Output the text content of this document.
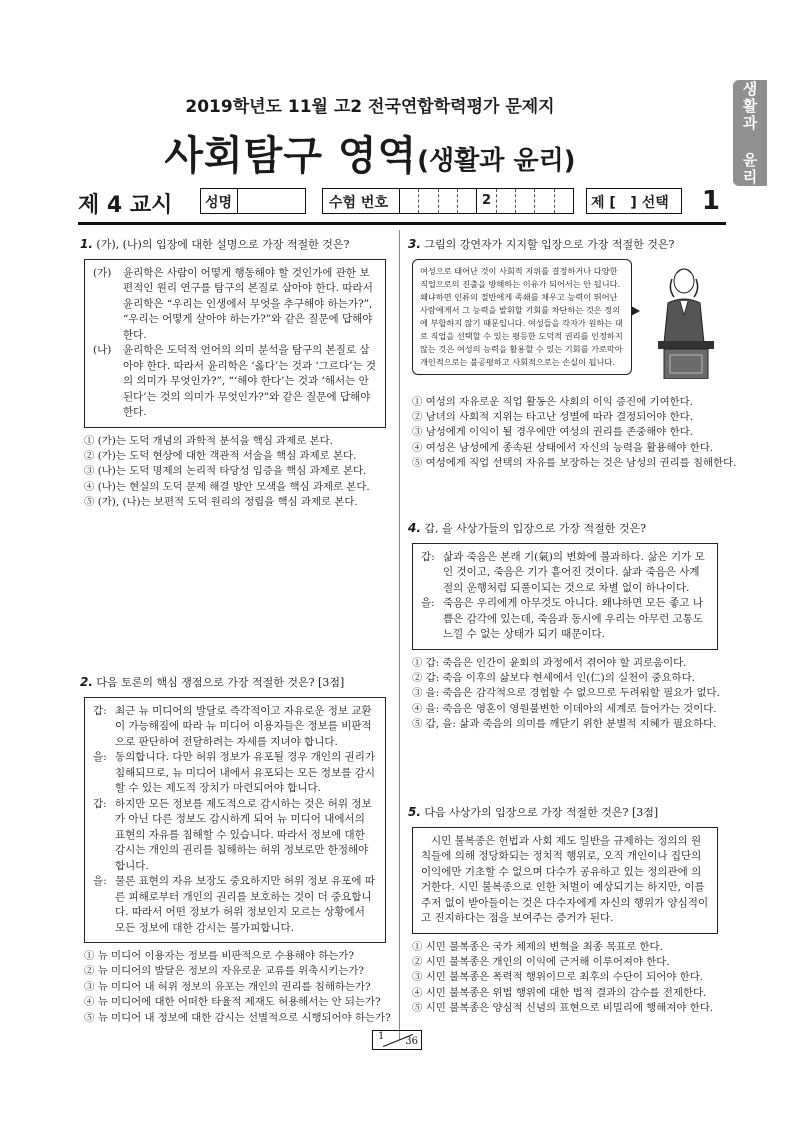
2019학년도 11월 고2 전국연합학력평가 문제지
사회탐구 영역(생활과 윤리)	생활과 윤리
제 4 교시 성명	수험 번호	2	제 [   ] 선택 1
1. (가), (나)의 입장에 대한 설명으로 가장 적절한 것은?

(가) 윤리학은 사람이 어떻게 행동해야 할 것인가에 관한 보편적인 원리 연구를 탐구의 본질로 삼아야 한다. 따라서 윤리학은 “우리는 인생에서 무엇을 추구해야 하는가?”, “우리는 어떻게 살아야 하는가?”와 같은 질문에 답해야 한다.

(나) 윤리학은 도덕적 언어의 의미 분석을 탐구의 본질로 삼아야 한다. 따라서 윤리학은 ‘옳다’는 것과 ‘그르다’는 것의 의미가 무엇인가?”, “‘해야 한다’는 것과 ‘해서는 안 된다’는 것의 의미가 무엇인가?”와 같은 질문에 답해야 한다.

① (가)는 도덕 개념의 과학적 분석을 핵심 과제로 본다.

② (가)는 도덕 현상에 대한 객관적 서술을 핵심 과제로 본다.

③ (나)는 도덕 명제의 논리적 타당성 입증을 핵심 과제로 본다.

④ (나)는 현실의 도덕 문제 해결 방안 모색을 핵심 과제로 본다.

⑤ (가), (나)는 보편적 도덕 원리의 정립을 핵심 과제로 본다.

2. 다음 토론의 핵심 쟁점으로 가장 적절한 것은? [3점]

갑: 최근 뉴 미디어의 발달로 즉각적이고 자유로운 정보 교환이 가능해짐에 따라 뉴 미디어 이용자들은 정보를 비판적으로 판단하여 전달하려는 자세를 지녀야 합니다.

을: 동의합니다. 다만 허위 정보가 유포될 경우 개인의 권리가 침해되므로, 뉴 미디어 내에서 유포되는 모든 정보를 감시할 수 있는 제도적 장치가 마련되어야 합니다.

갑: 하지만 모든 정보를 제도적으로 감시하는 것은 허위 정보가 아닌 다른 정보도 감시하게 되어 뉴 미디어 내에서의 표현의 자유를 침해할 수 있습니다. 따라서 정보에 대한 감시는 개인의 권리를 침해하는 허위 정보로만 한정해야 합니다.

을: 물론 표현의 자유 보장도 중요하지만 허위 정보 유포에 따른 피해로부터 개인의 권리를 보호하는 것이 더 중요합니다. 따라서 어떤 정보가 허위 정보인지 모르는 상황에서 모든 정보에 대한 감시는 불가피합니다.

① 뉴 미디어 이용자는 정보를 비판적으로 수용해야 하는가?

② 뉴 미디어의 발달은 정보의 자유로운 교류를 위축시키는가?

③ 뉴 미디어 내 허위 정보의 유포는 개인의 권리를 침해하는가?

④ 뉴 미디어에 대한 어떠한 타율적 제재도 허용해서는 안 되는가?

⑤ 뉴 미디어 내 정보에 대한 감시는 선별적으로 시행되어야 하는가?

3. 그림의 강연자가 지지할 입장으로 가장 적절한 것은?
여성으로 태어난 것이 사회적 지위를 결정하거나 다양한 직업으로의 진출을 방해하는 이유가 되어서는 안 됩니다. 왜냐하면 인류의 절반에게 족쇄를 채우고 능력이 뛰어난 사람에게서 그 능력을 발휘할 기회를 차단하는 것은 정의에 부합하지 않기 때문입니다. 여성들을 각자가 원하는 대로 직업을 선택할 수 있는 평등한 도덕적 권리를 인정하지 않는 것은 여성의 능력을 활용할 수 있는 기회를 가로막아 개인적으로는 불공평하고 사회적으로는 손실이 됩니다.

① 여성의 자유로운 직업 활동은 사회의 이익 증진에 기여한다.

② 남녀의 사회적 지위는 타고난 성별에 따라 결정되어야 한다.

③ 남성에게 이익이 될 경우에만 여성의 권리를 존중해야 한다.

④ 여성은 남성에게 종속된 상태에서 자신의 능력을 활용해야 한다.

⑤ 여성에게 직업 선택의 자유를 보장하는 것은 남성의 권리를 침해한다.

4. 갑, 을 사상가들의 입장으로 가장 적절한 것은?

갑: 삶과 죽음은 본래 기(氣)의 변화에 불과하다. 삶은 기가 모인 것이고, 죽음은 기가 흩어진 것이다. 삶과 죽음은 사계절의 운행처럼 되풀이되는 것으로 차별 없이 하나이다.

을: 죽음은 우리에게 아무것도 아니다. 왜냐하면 모든 좋고 나쁨은 감각에 있는데, 죽음과 동시에 우리는 아무런 고통도 느낄 수 없는 상태가 되기 때문이다.

① 갑: 죽음은 인간이 윤회의 과정에서 겪어야 할 괴로움이다.

② 갑: 죽음 이후의 삶보다 현세에서 인(仁)의 실천이 중요하다.

③ 을: 죽음은 감각적으로 경험할 수 없으므로 두려워할 필요가 없다.

④ 을: 죽음은 영혼이 영원불변한 이데아의 세계로 들어가는 것이다.

⑤ 갑, 을: 삶과 죽음의 의미를 깨닫기 위한 분별적 지혜가 필요하다.

5. 다음 사상가의 입장으로 가장 적절한 것은? [3점]
시민 불복종은 헌법과 사회 제도 일반을 규제하는 정의의 원칙들에 의해 정당화되는 정치적 행위로, 오직 개인이나 집단의 이익에만 기초할 수 없으며 다수가 공유하고 있는 정의관에 의거한다. 시민 불복종으로 인한 처벌이 예상되기는 하지만, 이를 주저 없이 받아들이는 것은 다수자에게 자신의 행위가 양심적이고 진지하다는 점을 보여주는 증거가 된다.

① 시민 불복종은 국가 체제의 변혁을 최종 목표로 한다.

② 시민 불복종은 개인의 이익에 근거해 이루어져야 한다.

③ 시민 불복종은 폭력적 행위이므로 최후의 수단이 되어야 한다.

④ 시민 불복종은 위법 행위에 대한 법적 결과의 감수를 전제한다.

⑤ 시민 불복종은 양심적 신념의 표현으로 비밀리에 행해져야 한다.

1 36
